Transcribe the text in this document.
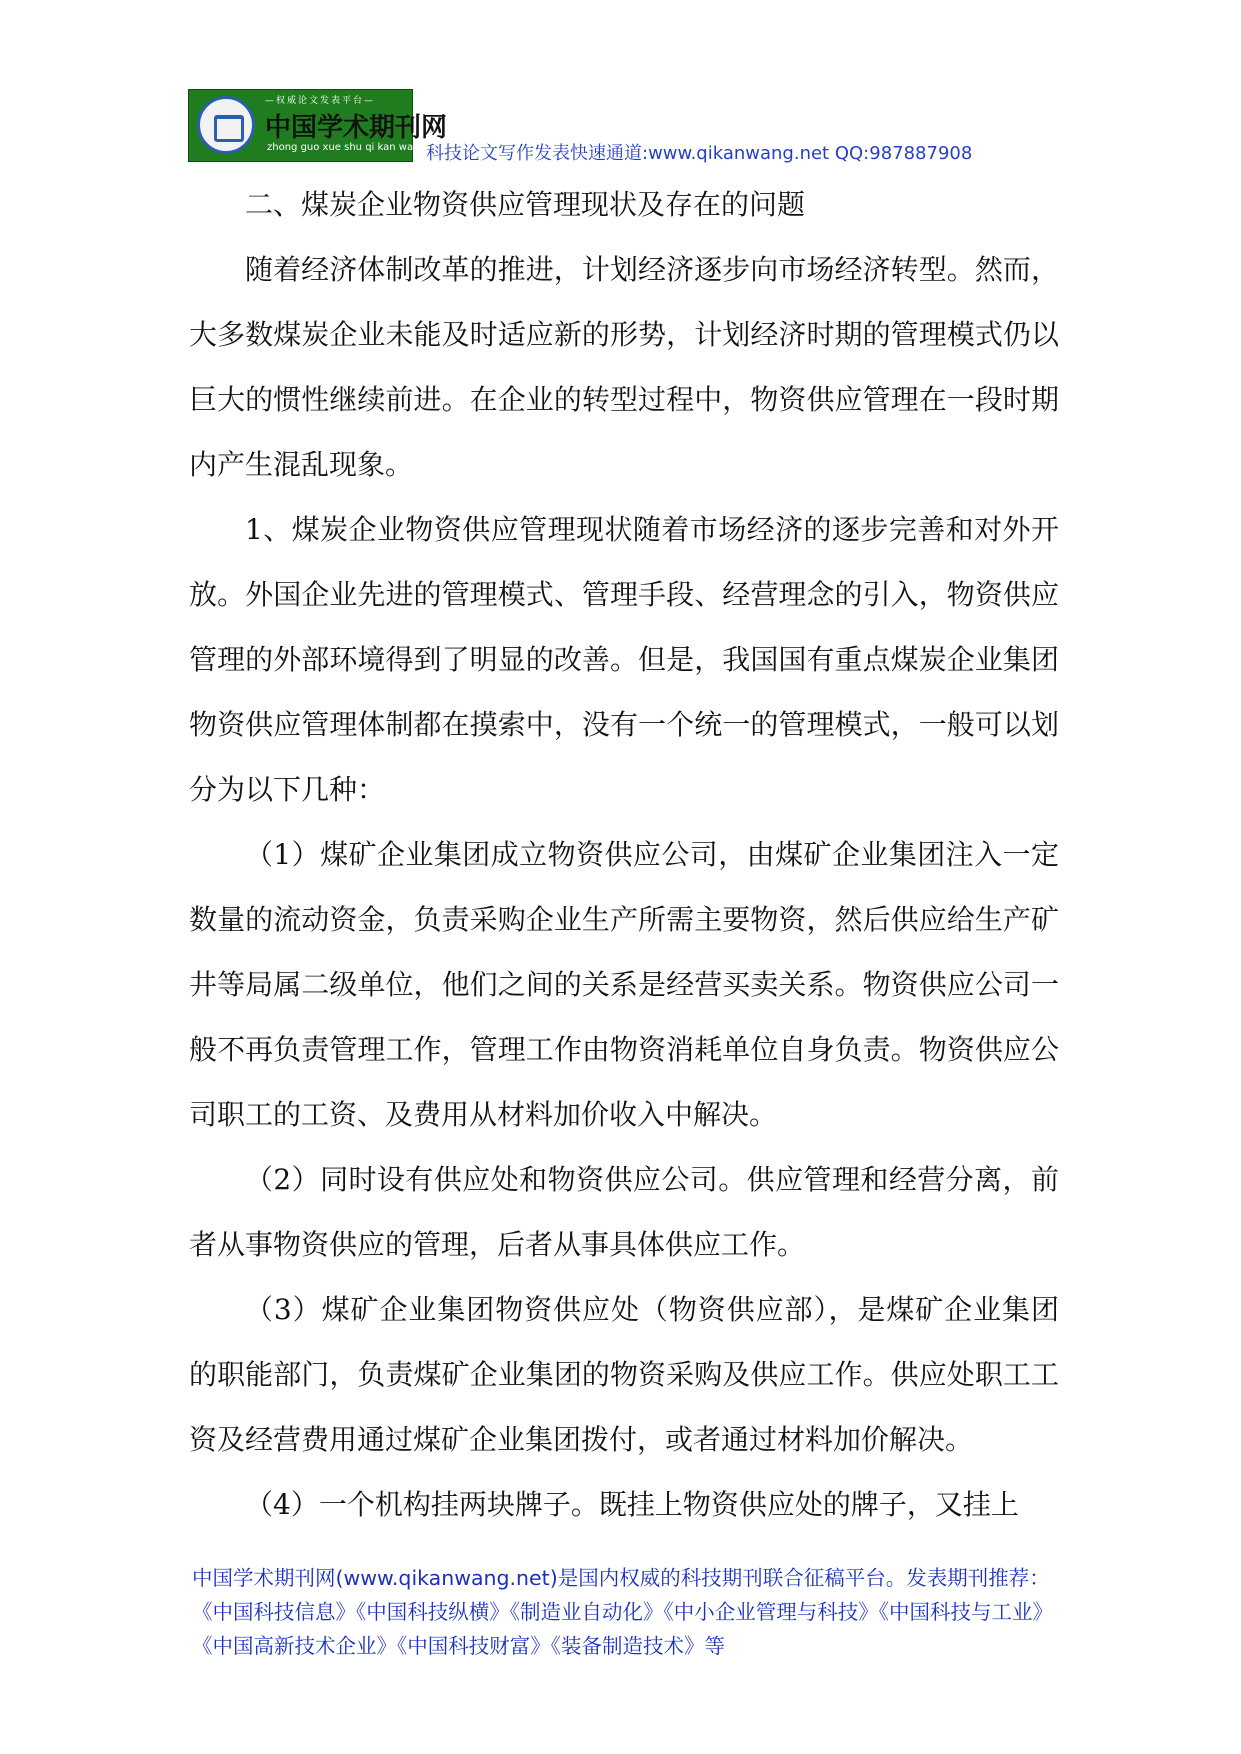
—权威论文发表平台—
中国学术期刊网
zhong guo xue shu qi kan wang 科技论文写作发表快速通道:www.qikanwang.net QQ:987887908

二、煤炭企业物资供应管理现状及存在的问题

随着经济体制改革的推进，计划经济逐步向市场经济转型。然而，大多数煤炭企业未能及时适应新的形势，计划经济时期的管理模式仍以巨大的惯性继续前进。在企业的转型过程中，物资供应管理在一段时期内产生混乱现象。

1、煤炭企业物资供应管理现状随着市场经济的逐步完善和对外开放。外国企业先进的管理模式、管理手段、经营理念的引入，物资供应管理的外部环境得到了明显的改善。但是，我国国有重点煤炭企业集团物资供应管理体制都在摸索中，没有一个统一的管理模式，一般可以划分为以下几种：

（1）煤矿企业集团成立物资供应公司，由煤矿企业集团注入一定数量的流动资金，负责采购企业生产所需主要物资，然后供应给生产矿井等局属二级单位，他们之间的关系是经营买卖关系。物资供应公司一般不再负责管理工作，管理工作由物资消耗单位自身负责。物资供应公司职工的工资、及费用从材料加价收入中解决。

（2）同时设有供应处和物资供应公司。供应管理和经营分离，前者从事物资供应的管理，后者从事具体供应工作。

（3）煤矿企业集团物资供应处（物资供应部），是煤矿企业集团的职能部门，负责煤矿企业集团的物资采购及供应工作。供应处职工工资及经营费用通过煤矿企业集团拨付，或者通过材料加价解决。

（4）一个机构挂两块牌子。既挂上物资供应处的牌子，又挂上

中国学术期刊网(www.qikanwang.net)是国内权威的科技期刊联合征稿平台。发表期刊推荐：《中国科技信息》《中国科技纵横》《制造业自动化》《中小企业管理与科技》《中国科技与工业》《中国高新技术企业》《中国科技财富》《装备制造技术》等
